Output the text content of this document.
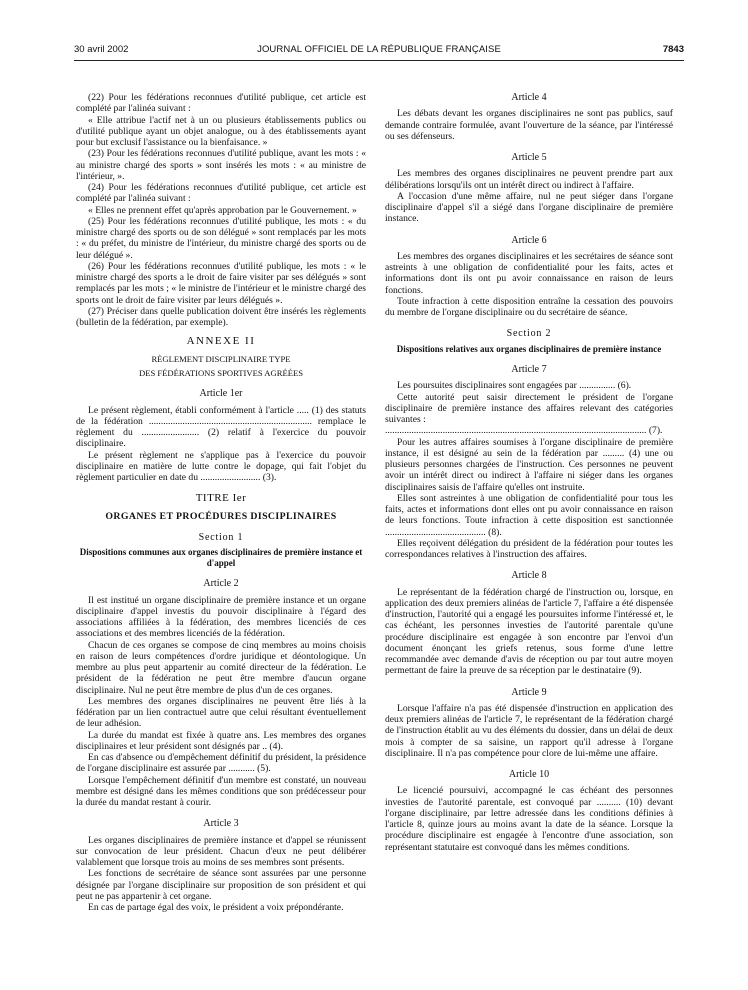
30 avril 2002	JOURNAL OFFICIEL DE LA RÉPUBLIQUE FRANÇAISE	7843

(22) Pour les fédérations reconnues d'utilité publique, cet article est complété par l'alinéa suivant :

« Elle attribue l'actif net à un ou plusieurs établissements publics ou d'utilité publique ayant un objet analogue, ou à des établissements ayant pour but exclusif l'assistance ou la bienfaisance. »

(23) Pour les fédérations reconnues d'utilité publique, avant les mots : « au ministre chargé des sports » sont insérés les mots : « au ministre de l'intérieur, ».

(24) Pour les fédérations reconnues d'utilité publique, cet article est complété par l'alinéa suivant :

« Elles ne prennent effet qu'après approbation par le Gouvernement. »

(25) Pour les fédérations reconnues d'utilité publique, les mots : « du ministre chargé des sports ou de son délégué » sont remplacés par les mots : « du préfet, du ministre de l'intérieur, du ministre chargé des sports ou de leur délégué ».

(26) Pour les fédérations reconnues d'utilité publique, les mots : « le ministre chargé des sports a le droit de faire visiter par ses délégués » sont remplacés par les mots ; « le ministre de l'intérieur et le ministre chargé des sports ont le droit de faire visiter par leurs délégués ».

(27) Préciser dans quelle publication doivent être insérés les règlements (bulletin de la fédération, par exemple).

ANNEXE II

RÈGLEMENT DISCIPLINAIRE TYPE

DES FÉDÉRATIONS SPORTIVES AGRÉÉES

Article 1er

Le présent règlement, établi conformément à l'article ..... (1) des statuts de la fédération .................................................................... remplace le règlement du ........................ (2) relatif à l'exercice du pouvoir disciplinaire.

Le présent règlement ne s'applique pas à l'exercice du pouvoir disciplinaire en matière de lutte contre le dopage, qui fait l'objet du règlement particulier en date du ......................... (3).

TITRE Ier

ORGANES ET PROCÉDURES DISCIPLINAIRES

Section 1

Dispositions communes aux organes disciplinaires de première instance et d'appel

Article 2

Il est institué un organe disciplinaire de première instance et un organe disciplinaire d'appel investis du pouvoir disciplinaire à l'égard des associations affiliées à la fédération, des membres licenciés de ces associations et des membres licenciés de la fédération.

Chacun de ces organes se compose de cinq membres au moins choisis en raison de leurs compétences d'ordre juridique et déontologique. Un membre au plus peut appartenir au comité directeur de la fédération. Le président de la fédération ne peut être membre d'aucun organe disciplinaire. Nul ne peut être membre de plus d'un de ces organes.

Les membres des organes disciplinaires ne peuvent être liés à la fédération par un lien contractuel autre que celui résultant éventuellement de leur adhésion.

La durée du mandat est fixée à quatre ans. Les membres des organes disciplinaires et leur président sont désignés par .. (4).

En cas d'absence ou d'empêchement définitif du président, la présidence de l'organe disciplinaire est assurée par ........... (5).

Lorsque l'empêchement définitif d'un membre est constaté, un nouveau membre est désigné dans les mêmes conditions que son prédécesseur pour la durée du mandat restant à courir.

Article 3

Les organes disciplinaires de première instance et d'appel se réunissent sur convocation de leur président. Chacun d'eux ne peut délibérer valablement que lorsque trois au moins de ses membres sont présents.

Les fonctions de secrétaire de séance sont assurées par une personne désignée par l'organe disciplinaire sur proposition de son président et qui peut ne pas appartenir à cet organe.

En cas de partage égal des voix, le président a voix prépondérante.

Article 4

Les débats devant les organes disciplinaires ne sont pas publics, sauf demande contraire formulée, avant l'ouverture de la séance, par l'intéressé ou ses défenseurs.

Article 5

Les membres des organes disciplinaires ne peuvent prendre part aux délibérations lorsqu'ils ont un intérêt direct ou indirect à l'affaire.

A l'occasion d'une même affaire, nul ne peut siéger dans l'organe disciplinaire d'appel s'il a siégé dans l'organe disciplinaire de première instance.

Article 6

Les membres des organes disciplinaires et les secrétaires de séance sont astreints à une obligation de confidentialité pour les faits, actes et informations dont ils ont pu avoir connaissance en raison de leurs fonctions.

Toute infraction à cette disposition entraîne la cessation des pouvoirs du membre de l'organe disciplinaire ou du secrétaire de séance.

Section 2

Dispositions relatives aux organes disciplinaires de première instance

Article 7

Les poursuites disciplinaires sont engagées par ............... (6).

Cette autorité peut saisir directement le président de l'organe disciplinaire de première instance des affaires relevant des catégories suivantes :

............................................................................................................. (7).

Pour les autres affaires soumises à l'organe disciplinaire de première instance, il est désigné au sein de la fédération par ......... (4) une ou plusieurs personnes chargées de l'instruction. Ces personnes ne peuvent avoir un intérêt direct ou indirect à l'affaire ni siéger dans les organes disciplinaires saisis de l'affaire qu'elles ont instruite.

Elles sont astreintes à une obligation de confidentialité pour tous les faits, actes et informations dont elles ont pu avoir connaissance en raison de leurs fonctions. Toute infraction à cette disposition est sanctionnée .......................................... (8).

Elles reçoivent délégation du président de la fédération pour toutes les correspondances relatives à l'instruction des affaires.

Article 8

Le représentant de la fédération chargé de l'instruction ou, lorsque, en application des deux premiers alinéas de l'article 7, l'affaire a été dispensée d'instruction, l'autorité qui a engagé les poursuites informe l'intéressé et, le cas échéant, les personnes investies de l'autorité parentale qu'une procédure disciplinaire est engagée à son encontre par l'envoi d'un document énonçant les griefs retenus, sous forme d'une lettre recommandée avec demande d'avis de réception ou par tout autre moyen permettant de faire la preuve de sa réception par le destinataire (9).

Article 9

Lorsque l'affaire n'a pas été dispensée d'instruction en application des deux premiers alinéas de l'article 7, le représentant de la fédération chargé de l'instruction établit au vu des éléments du dossier, dans un délai de deux mois à compter de sa saisine, un rapport qu'il adresse à l'organe disciplinaire. Il n'a pas compétence pour clore de lui-même une affaire.

Article 10

Le licencié poursuivi, accompagné le cas échéant des personnes investies de l'autorité parentale, est convoqué par .......... (10) devant l'organe disciplinaire, par lettre adressée dans les conditions définies à l'article 8, quinze jours au moins avant la date de la séance. Lorsque la procédure disciplinaire est engagée à l'encontre d'une association, son représentant statutaire est convoqué dans les mêmes conditions.
